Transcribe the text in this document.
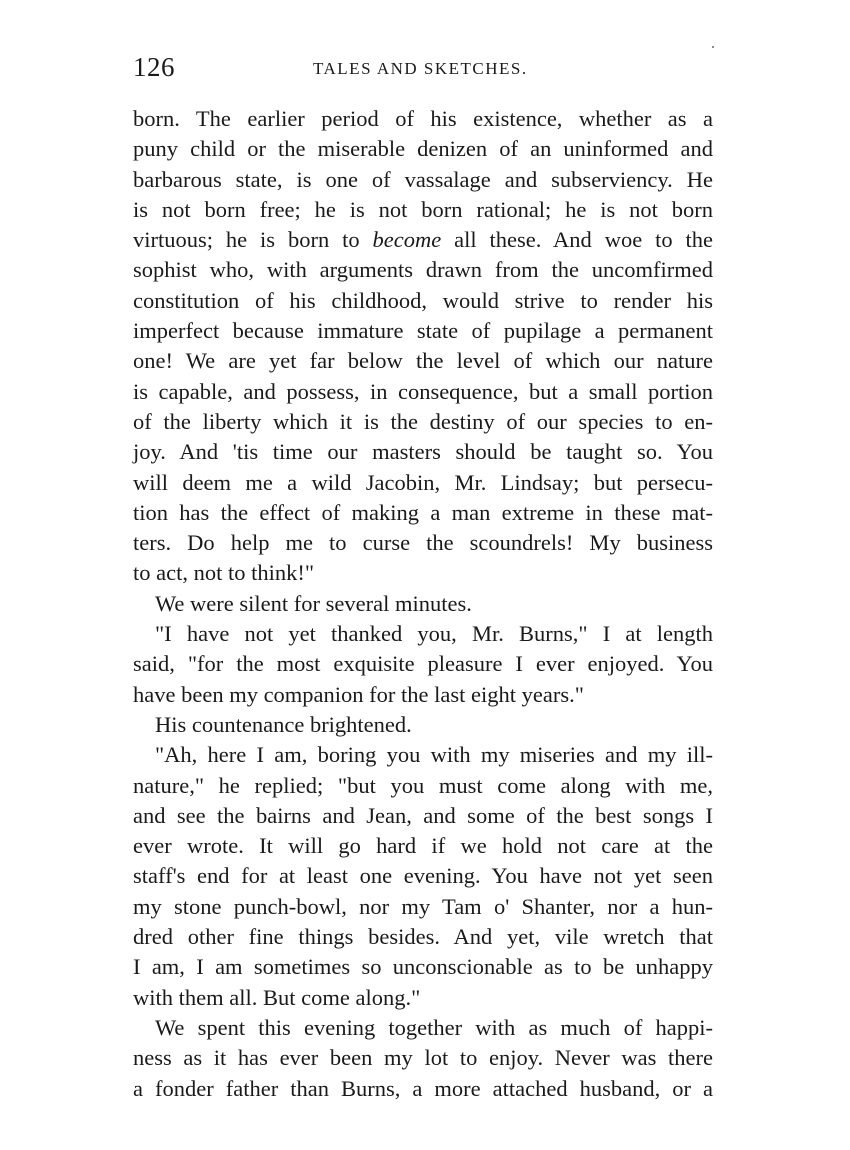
126	TALES AND SKETCHES.
born. The earlier period of his existence, whether as a
puny child or the miserable denizen of an uninformed and
barbarous state, is one of vassalage and subserviency. He
is not born free; he is not born rational; he is not born
virtuous; he is born to become all these. And woe to the
sophist who, with arguments drawn from the uncomfirmed
constitution of his childhood, would strive to render his
imperfect because immature state of pupilage a permanent
one! We are yet far below the level of which our nature
is capable, and possess, in consequence, but a small portion
of the liberty which it is the destiny of our species to en-
joy. And 'tis time our masters should be taught so. You
will deem me a wild Jacobin, Mr. Lindsay; but persecu-
tion has the effect of making a man extreme in these mat-
ters. Do help me to curse the scoundrels! My business
to act, not to think!"
We were silent for several minutes.
"I have not yet thanked you, Mr. Burns," I at length
said, "for the most exquisite pleasure I ever enjoyed. You
have been my companion for the last eight years."
His countenance brightened.
"Ah, here I am, boring you with my miseries and my ill-
nature," he replied; "but you must come along with me,
and see the bairns and Jean, and some of the best songs I
ever wrote. It will go hard if we hold not care at the
staff's end for at least one evening. You have not yet seen
my stone punch-bowl, nor my Tam o' Shanter, nor a hun-
dred other fine things besides. And yet, vile wretch that
I am, I am sometimes so unconscionable as to be unhappy
with them all. But come along."
We spent this evening together with as much of happi-
ness as it has ever been my lot to enjoy. Never was there
a fonder father than Burns, a more attached husband, or a
